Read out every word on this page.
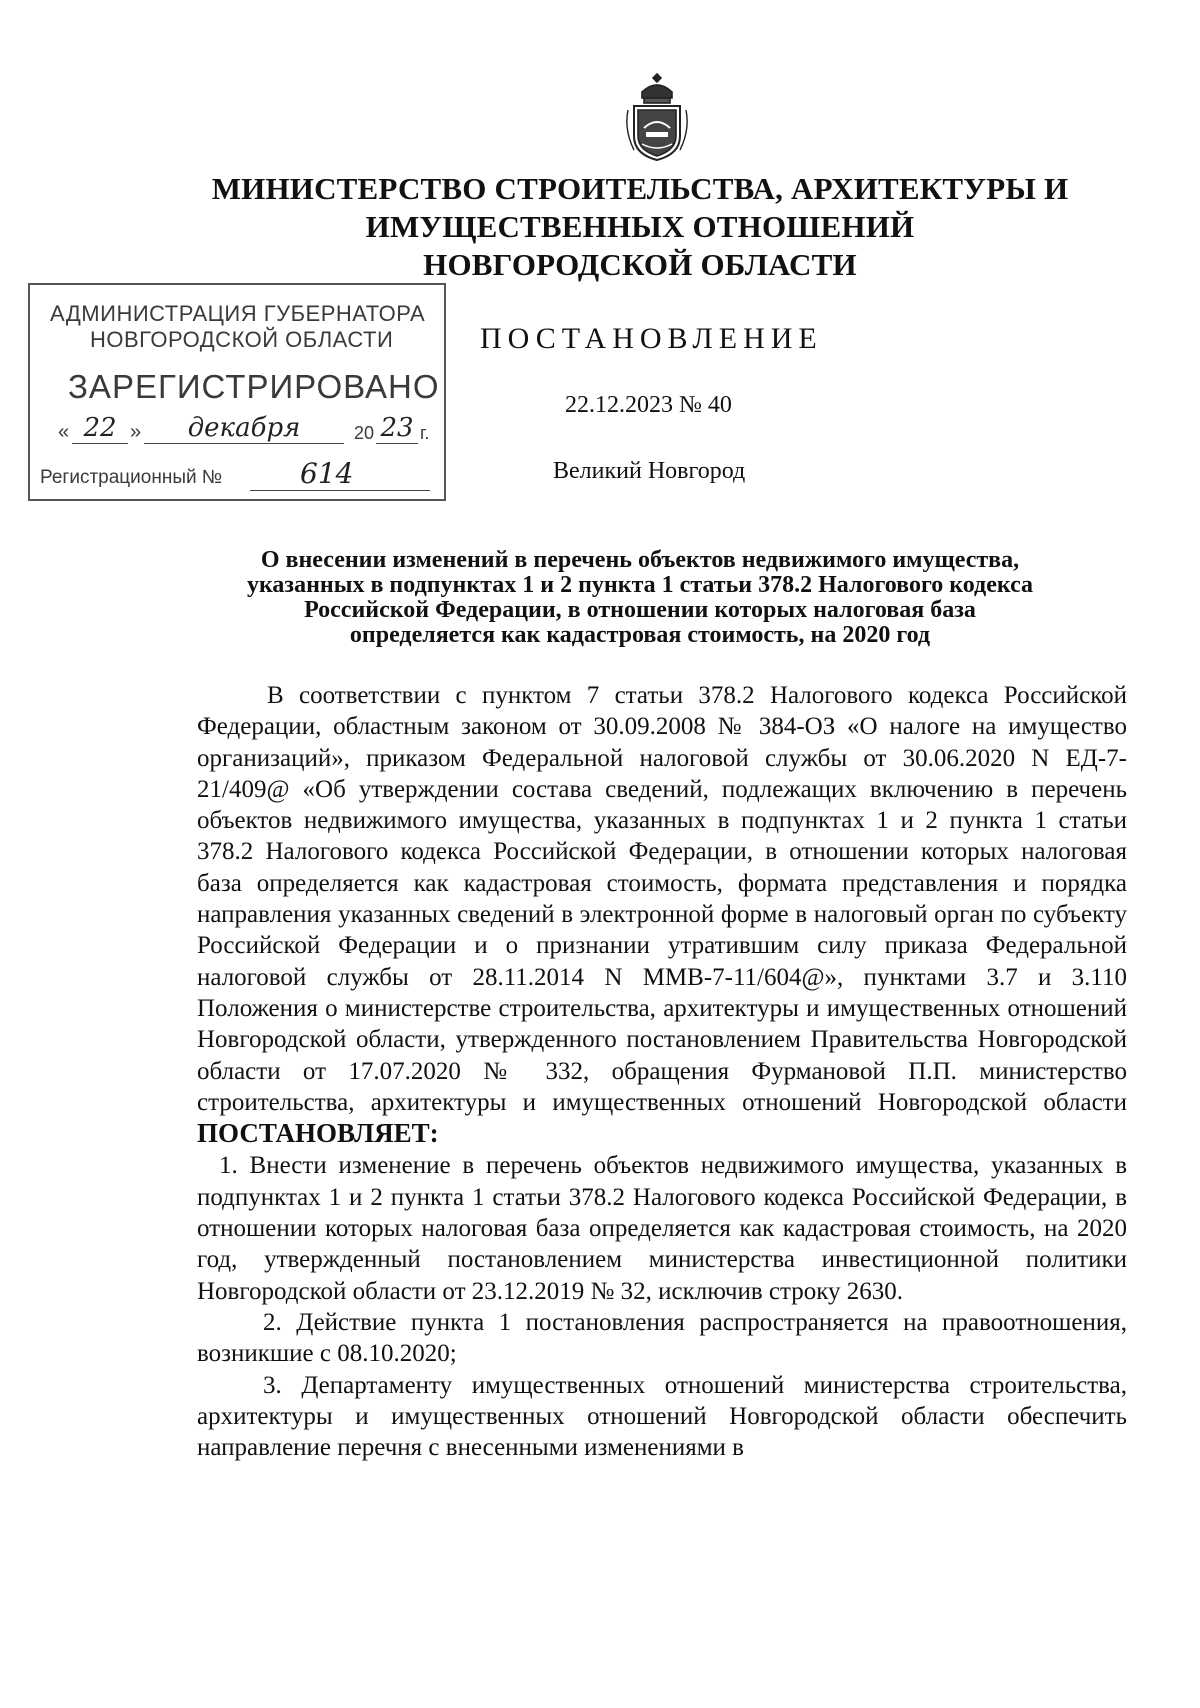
МИНИСТЕРСТВО СТРОИТЕЛЬСТВА, АРХИТЕКТУРЫ И
ИМУЩЕСТВЕННЫХ ОТНОШЕНИЙ
НОВГОРОДСКОЙ ОБЛАСТИ
АДМИНИСТРАЦИЯ ГУБЕРНАТОРА
НОВГОРОДСКОЙ ОБЛАСТИ
ЗАРЕГИСТРИРОВАНО
« 22 »	декабря	20 23 г.
Регистрационный №	614
ПОСТАНОВЛЕНИЕ
22.12.2023 № 40
Великий Новгород
О внесении изменений в перечень объектов недвижимого имущества,
указанных в подпунктах 1 и 2 пункта 1 статьи 378.2 Налогового кодекса
Российской Федерации, в отношении которых налоговая база
определяется как кадастровая стоимость, на 2020 год

В соответствии с пунктом 7 статьи 378.2 Налогового кодекса Российской Федерации, областным законом от 30.09.2008 № 384-ОЗ «О налоге на имущество организаций», приказом Федеральной налоговой службы от 30.06.2020 N ЕД-7-21/409@ «Об утверждении состава сведений, подлежащих включению в перечень объектов недвижимого имущества, указанных в подпунктах 1 и 2 пункта 1 статьи 378.2 Налогового кодекса Российской Федерации, в отношении которых налоговая база определяется как кадастровая стоимость, формата представления и порядка направления указанных сведений в электронной форме в налоговый орган по субъекту Российской Федерации и о признании утратившим силу приказа Федеральной налоговой службы от 28.11.2014 N ММВ-7-11/604@», пунктами 3.7 и 3.110 Положения о министерстве строительства, архитектуры и имущественных отношений Новгородской области, утвержденного постановлением Правительства Новгородской области от 17.07.2020 № 332, обращения Фурмановой П.П. министерство строительства, архитектуры и имущественных отношений Новгородской области ПОСТАНОВЛЯЕТ:

1. Внести изменение в перечень объектов недвижимого имущества, указанных в подпунктах 1 и 2 пункта 1 статьи 378.2 Налогового кодекса Российской Федерации, в отношении которых налоговая база определяется как кадастровая стоимость, на 2020 год, утвержденный постановлением министерства инвестиционной политики Новгородской области от 23.12.2019 № 32, исключив строку 2630.

2. Действие пункта 1 постановления распространяется на правоотношения, возникшие с 08.10.2020;

3. Департаменту имущественных отношений министерства строительства, архитектуры и имущественных отношений Новгородской области обеспечить направление перечня с внесенными изменениями в
